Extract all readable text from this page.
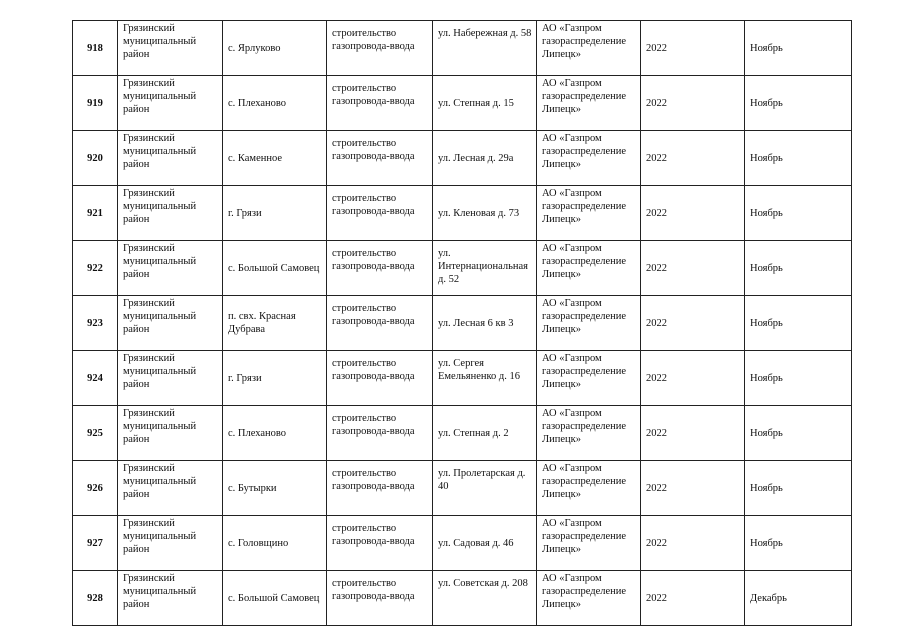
918	Грязинский муниципальный район	с. Ярлуково	строительство газопровода-ввода	ул. Набережная д. 58	АО «Газпром газораспределение Липецк»	2022	Ноябрь
919	Грязинский муниципальный район	с. Плеханово	строительство газопровода-ввода	ул. Степная д. 15	АО «Газпром газораспределение Липецк»	2022	Ноябрь
920	Грязинский муниципальный район	с. Каменное	строительство газопровода-ввода	ул. Лесная д. 29а	АО «Газпром газораспределение Липецк»	2022	Ноябрь
921	Грязинский муниципальный район	г. Грязи	строительство газопровода-ввода	ул. Кленовая д. 73	АО «Газпром газораспределение Липецк»	2022	Ноябрь
922	Грязинский муниципальный район	с. Большой Самовец	строительство газопровода-ввода	ул. Интернациональная д. 52	АО «Газпром газораспределение Липецк»	2022	Ноябрь
923	Грязинский муниципальный район	п. свх. Красная Дубрава	строительство газопровода-ввода	ул. Лесная 6 кв 3	АО «Газпром газораспределение Липецк»	2022	Ноябрь
924	Грязинский муниципальный район	г. Грязи	строительство газопровода-ввода	ул. Сергея Емельяненко д. 16	АО «Газпром газораспределение Липецк»	2022	Ноябрь
925	Грязинский муниципальный район	с. Плеханово	строительство газопровода-ввода	ул. Степная д. 2	АО «Газпром газораспределение Липецк»	2022	Ноябрь
926	Грязинский муниципальный район	с. Бутырки	строительство газопровода-ввода	ул. Пролетарская д. 40	АО «Газпром газораспределение Липецк»	2022	Ноябрь
927	Грязинский муниципальный район	с. Головщино	строительство газопровода-ввода	ул. Садовая д. 46	АО «Газпром газораспределение Липецк»	2022	Ноябрь
928	Грязинский муниципальный район	с. Большой Самовец	строительство газопровода-ввода	ул. Советская д. 208	АО «Газпром газораспределение Липецк»	2022	Декабрь
